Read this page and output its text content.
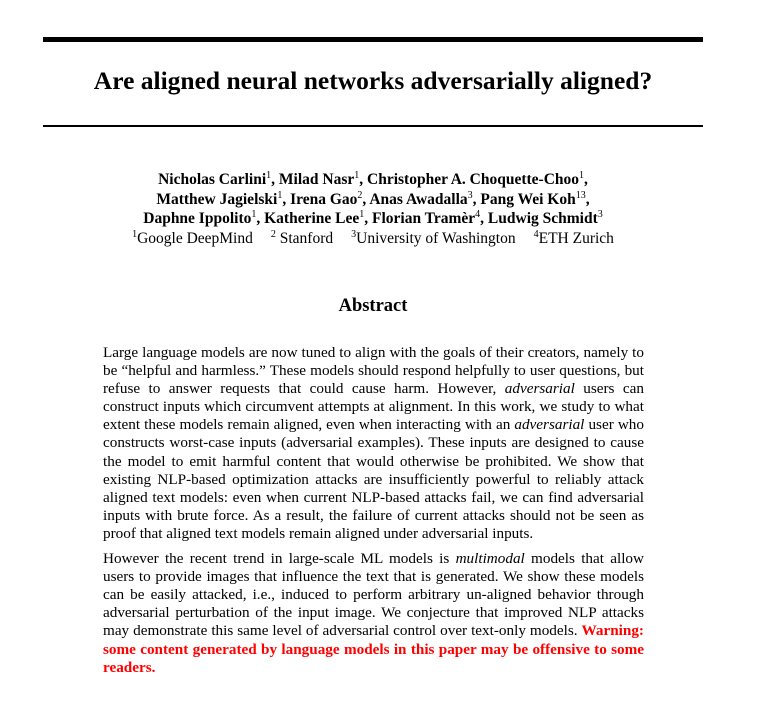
Are aligned neural networks adversarially aligned?
Nicholas Carlini$^1$, Milad Nasr$^1$, Christopher A. Choquette-Choo$^1$,
Matthew Jagielski$^1$, Irena Gao$^2$, Anas Awadalla$^3$, Pang Wei Koh$^{13}$,
Daphne Ippolito$^1$, Katherine Lee$^1$, Florian Tramèr$^4$, Ludwig Schmidt$^3$
$^1$Google DeepMind $^2$ Stanford $^3$University of Washington $^4$ETH Zurich
Abstract

Large language models are now tuned to align with the goals of their creators, namely to be “helpful and harmless.” These models should respond helpfully to user questions, but refuse to answer requests that could cause harm. However, adversarial users can construct inputs which circumvent attempts at alignment. In this work, we study to what extent these models remain aligned, even when interacting with an adversarial user who constructs worst-case inputs (adversarial examples). These inputs are designed to cause the model to emit harmful content that would otherwise be prohibited. We show that existing NLP-based optimization attacks are insufficiently powerful to reliably attack aligned text models: even when current NLP-based attacks fail, we can find adversarial inputs with brute force. As a result, the failure of current attacks should not be seen as proof that aligned text models remain aligned under adversarial inputs.

However the recent trend in large-scale ML models is multimodal models that allow users to provide images that influence the text that is generated. We show these models can be easily attacked, i.e., induced to perform arbitrary un-aligned behavior through adversarial perturbation of the input image. We conjecture that improved NLP attacks may demonstrate this same level of adversarial control over text-only models. Warning: some content generated by language models in this paper may be offensive to some readers.
